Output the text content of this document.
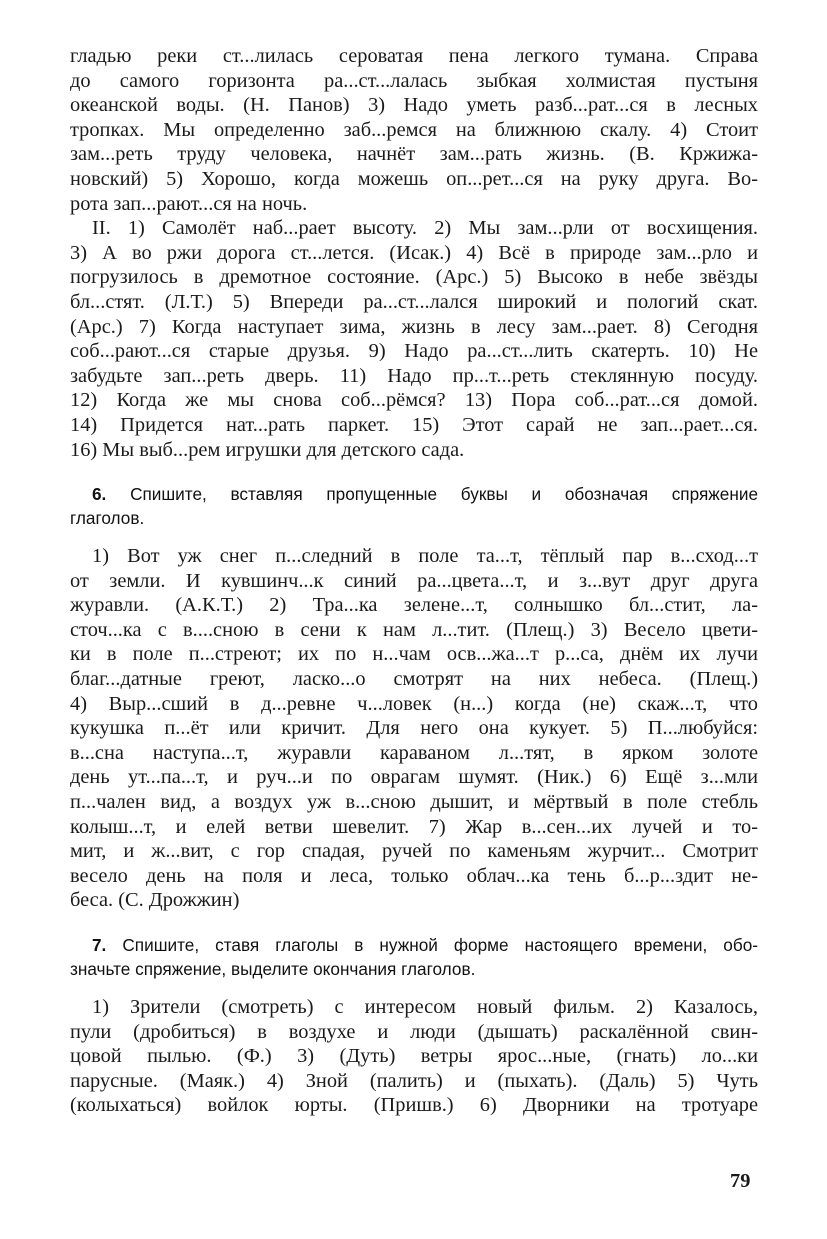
гладью реки ст...лилась сероватая пена легкого тумана. Справа
до самого горизонта ра...ст...лалась зыбкая холмистая пустыня
океанской воды. (Н. Панов) 3) Надо уметь разб...рат...ся в лесных
тропках. Мы определенно заб...ремся на ближнюю скалу. 4) Стоит
зам...реть труду человека, начнёт зам...рать жизнь. (В. Кржижа-
новский) 5) Хорошо, когда можешь оп...рет...ся на руку друга. Во-
рота зап...рают...ся на ночь.

II. 1) Самолёт наб...рает высоту. 2) Мы зам...рли от восхищения.
3) А во ржи дорога ст...лется. (Исак.) 4) Всё в природе зам...рло и
погрузилось в дремотное состояние. (Арс.) 5) Высоко в небе звёзды
бл...стят. (Л.Т.) 5) Впереди ра...ст...лался широкий и пологий скат.
(Арс.) 7) Когда наступает зима, жизнь в лесу зам...рает. 8) Сегодня
соб...рают...ся старые друзья. 9) Надо ра...ст...лить скатерть. 10) Не
забудьте зап...реть дверь. 11) Надо пр...т...реть стеклянную посуду.
12) Когда же мы снова соб...рёмся? 13) Пора соб...рат...ся домой.
14) Придется нат...рать паркет. 15) Этот сарай не зап...рает...ся.
16) Мы выб...рем игрушки для детского сада.

6. Спишите, вставляя пропущенные буквы и обозначая спряжение
глаголов.

1) Вот уж снег п...следний в поле та...т, тёплый пар в...сход...т
от земли. И кувшинч...к синий ра...цвета...т, и з...вут друг друга
журавли. (А.К.Т.) 2) Тра...ка зелене...т, солнышко бл...стит, ла-
сточ...ка с в....сною в сени к нам л...тит. (Плещ.) 3) Весело цвети-
ки в поле п...стреют; их по н...чам осв...жа...т р...са, днём их лучи
благ...датные греют, ласко...о смотрят на них небеса. (Плещ.)
4) Выр...сший в д...ревне ч...ловек (н...) когда (не) скаж...т, что
кукушка п...ёт или кричит. Для него она кукует. 5) П...любуйся:
в...сна наступа...т, журавли караваном л...тят, в ярком золоте
день ут...па...т, и руч...и по оврагам шумят. (Ник.) 6) Ещё з...мли
п...чален вид, а воздух уж в...сною дышит, и мёртвый в поле стебль
колыш...т, и елей ветви шевелит. 7) Жар в...сен...их лучей и то-
мит, и ж...вит, с гор спадая, ручей по каменьям журчит... Смотрит
весело день на поля и леса, только облач...ка тень б...р...здит не-
беса. (С. Дрожжин)

7. Спишите, ставя глаголы в нужной форме настоящего времени, обо-
значьте спряжение, выделите окончания глаголов.

1) Зрители (смотреть) с интересом новый фильм. 2) Казалось,
пули (дробиться) в воздухе и люди (дышать) раскалённой свин-
цовой пылью. (Ф.) 3) (Дуть) ветры ярос...ные, (гнать) ло...ки
парусные. (Маяк.) 4) Зной (палить) и (пыхать). (Даль) 5) Чуть
(колыхаться) войлок юрты. (Пришв.) 6) Дворники на тротуаре

79
